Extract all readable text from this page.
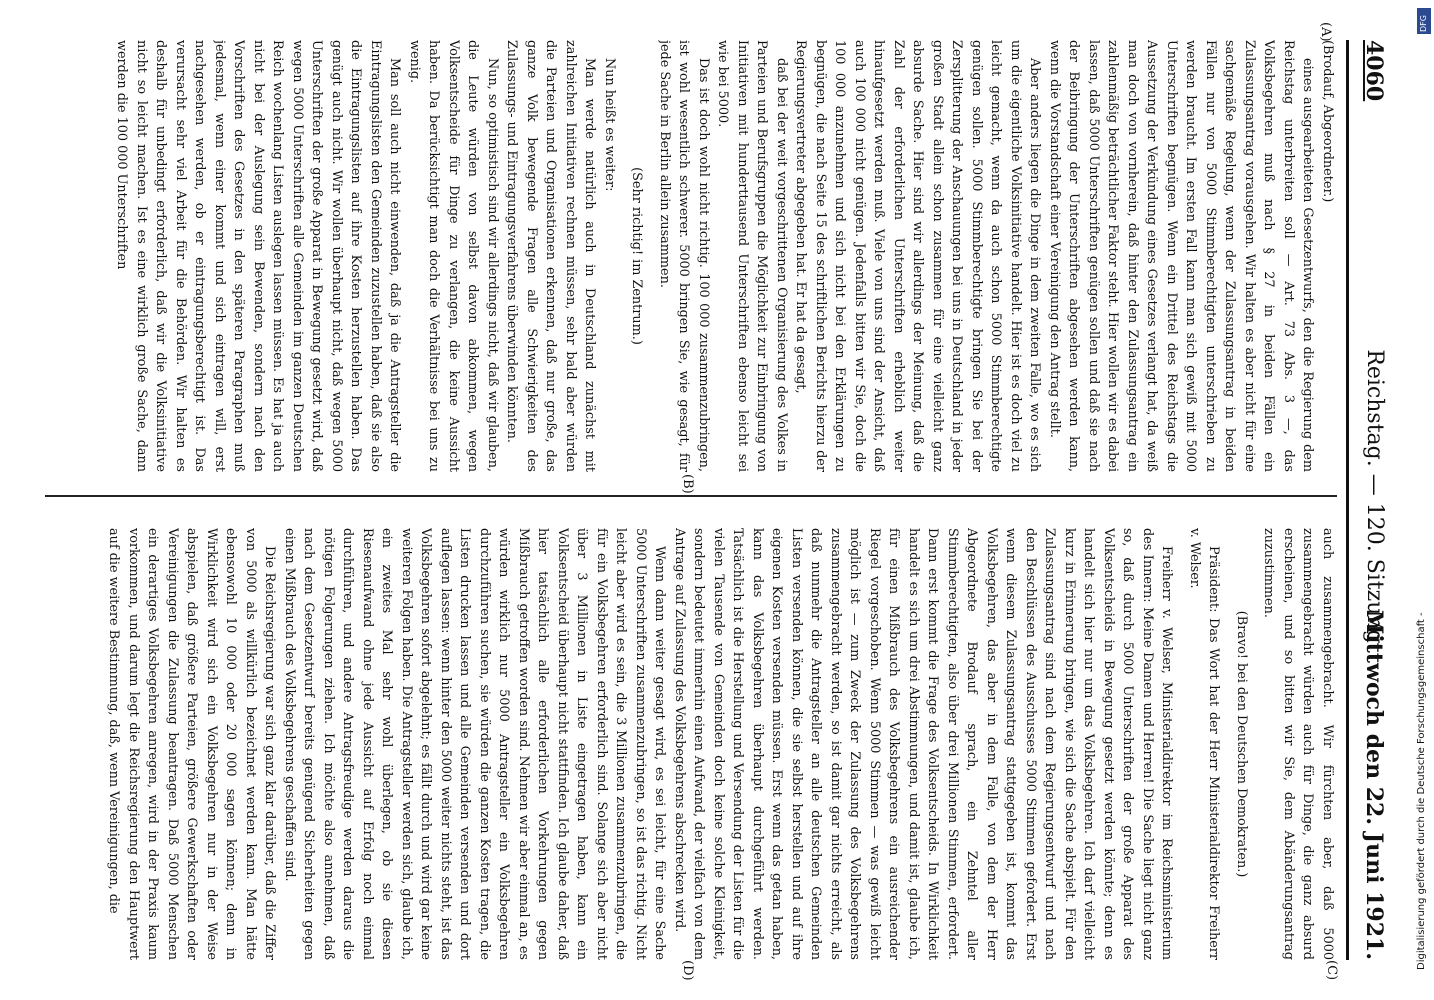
4060
Reichstag. — 120. Sitzung.
Mittwoch den 22. Juni 1921.
(A)
(B)
(C)
(D)

(Brodauf, Abgeordneter.)

eines ausgearbeiteten Gesetzentwurfs, den die Regierung dem Reichstag unterbreiten soll — Art. 73 Abs. 3 —, das Volksbegehren muß nach § 27 in beiden Fällen ein Zulassungsantrag vorausgehen. Wir halten es aber nicht für eine sachgemäße Regelung, wenn der Zulassungsantrag in beiden Fällen nur von 5000 Stimmberechtigten unterschrieben zu werden braucht. Im ersten Fall kann man sich gewiß mit 5000 Unterschriften begnügen. Wenn ein Drittel des Reichstags die Aussetzung der Verkündung eines Gesetzes verlangt hat, da weiß man doch von vornherein, daß hinter den Zulassungsantrag ein zahlenmäßig beträchtlicher Faktor steht. Hier wollen wir es dabei lassen, daß 5000 Unterschriften genügen sollen und daß sie nach der Beibringung der Unterschriften abgesehen werden kann, wenn die Vorstandschaft einer Vereinigung den Antrag stellt.

Aber anders liegen die Dinge in dem zweiten Falle, wo es sich um die eigentliche Volksinitiative handelt. Hier ist es doch viel zu leicht gemacht, wenn da auch schon 5000 Stimmberechtigte genügen sollen. 5000 Stimmberechtigte bringen Sie bei der Zersplitterung der Anschauungen bei uns in Deutschland in jeder großen Stadt allein schon zusammen für eine vielleicht ganz absurde Sache. Hier sind wir allerdings der Meinung, daß die Zahl der erforderlichen Unterschriften erheblich weiter hinaufgesetzt werden muß. Viele von uns sind der Ansicht, daß auch 100 000 nicht genügen. Jedenfalls bitten wir Sie, doch die 100 000 anzunehmen und sich nicht bei den Erklärungen zu begnügen, die nach Seite 15 des schriftlichen Berichts hierzu der Regierungsvertreter abgegeben hat. Er hat da gesagt,

daß bei der weit vorgeschrittenen Organisierung des Volkes in Parteien und Berufsgruppen die Möglichkeit zur Einbringung von Initiativen mit hunderttausend Unterschriften ebenso leicht sei wie bei 5000.

Das ist doch wohl nicht richtig. 100 000 zusammenzubringen, ist wohl wesentlich schwerer. 5000 bringen Sie, wie gesagt, für jede Sache in Berlin allein zusammen.

(Sehr richtig! im Zentrum.)

Nun heißt es weiter:

Man werde natürlich auch in Deutschland zunächst mit zahlreichen Initiativen rechnen müssen, sehr bald aber würden die Parteien und Organisationen erkennen, daß nur große, das ganze Volk bewegende Fragen alle Schwierigkeiten des Zulassungs- und Eintragungsverfahrens überwinden könnten.

Nun, so optimistisch sind wir allerdings nicht, daß wir glauben, die Leute würden von selbst davon abkommen, wegen Volksentscheide für Dinge zu verlangen, die keine Aussicht haben. Da berücksichtigt man doch die Verhältnisse bei uns zu wenig.

Man soll auch nicht einwenden, daß ja die Antragsteller die Eintragungslisten den Gemeinden zuzustellen haben, daß sie also die Eintragungslisten auf ihre Kosten herzustellen haben. Das genügt auch nicht. Wir wollen überhaupt nicht, daß wegen 5000 Unterschriften der große Apparat in Bewegung gesetzt wird, daß wegen 5000 Unterschriften alle Gemeinden im ganzen Deutschen Reich wochenlang Listen auslegen lassen müssen. Es hat ja auch nicht bei der Auslegung sein Bewenden, sondern nach den Vorschriften des Gesetzes in den späteren Paragraphen muß jedesmal, wenn einer kommt und sich eintragen will, erst nachgesehen werden, ob er eintragungsberechtigt ist. Das verursacht sehr viel Arbeit für die Behörden. Wir halten es deshalb für unbedingt erforderlich, daß wir die Volksinitiative nicht so leicht machen. Ist es eine wirklich große Sache, dann werden die 100 000 Unterschriften

auch zusammengebracht. Wir fürchten aber, daß 5000 zusammengebracht würden auch für Dinge, die ganz absurd erscheinen, und so bitten wir Sie, dem Abänderungsantrag zuzustimmen.

(Bravo! bei den Deutschen Demokraten.)

Präsident: Das Wort hat der Herr Ministerialdirektor Freiherr v. Welser.

Freiherr v. Welser, Ministerialdirektor im Reichsministerium des Innern: Meine Damen und Herren! Die Sache liegt nicht ganz so, daß durch 5000 Unterschriften der große Apparat des Volksentscheids in Bewegung gesetzt werden könnte; denn es handelt sich hier nur um das Volksbegehren. Ich darf vielleicht kurz in Erinnerung bringen, wie sich die Sache abspielt. Für den Zulassungsantrag sind nach dem Regierungsentwurf und nach den Beschlüssen des Ausschusses 5000 Stimmen gefordert. Erst wenn diesem Zulassungsantrag stattgegeben ist, kommt das Volksbegehren, das aber in dem Falle, von dem der Herr Abgeordnete Brodauf sprach, ein Zehntel aller Stimmberechtigten, also über drei Millionen Stimmen, erfordert. Dann erst kommt die Frage des Volksentscheids. In Wirklichkeit handelt es sich um drei Abstimmungen, und damit ist, glaube ich, für einen Mißbrauch des Volksbegehrens ein ausreichender Riegel vorgeschoben. Wenn 5000 Stimmen — was gewiß leicht möglich ist — zum Zweck der Zulassung des Volksbegehrens zusammengebracht werden, so ist damit gar nichts erreicht, als daß nunmehr die Antragsteller an alle deutschen Gemeinden Listen versenden können, die sie selbst herstellen und auf ihre eigenen Kosten versenden müssen. Erst wenn das getan haben, kann das Volksbegehren überhaupt durchgeführt werden. Tatsächlich ist die Herstellung und Versendung der Listen für die vielen Tausende von Gemeinden doch keine solche Kleinigkeit, sondern bedeutet immerhin einen Aufwand, der vielfach von dem Antrage auf Zulassung des Volksbegehrens abschrecken wird.

Wenn dann weiter gesagt wird, es sei leicht, für eine Sache 5000 Unterschriften zusammenzubringen, so ist das richtig. Nicht leicht aber wird es sein, die 3 Millionen zusammenzubringen, die für ein Volksbegehren erforderlich sind. Solange sich aber nicht über 3 Millionen in Liste eingetragen haben, kann ein Volksentscheid überhaupt nicht stattfinden. Ich glaube daher, daß hier tatsächlich alle erforderlichen Vorkehrungen gegen Mißbrauch getroffen worden sind. Nehmen wir aber einmal an, es würden wirklich nur 5000 Antragsteller ein Volksbegehren durchzuführen suchen, sie würden die ganzen Kosten tragen, die Listen drucken lassen und alle Gemeinden versenden und dort auflegen lassen: wenn hinter den 5000 weiter nichts steht, ist das Volksbegehren sofort abgelehnt; es fällt durch und wird gar keine weiteren Folgen haben. Die Antragsteller werden sich, glaube ich, ein zweites Mal sehr wohl überlegen, ob sie diesen Riesenaufwand ohne jede Aussicht auf Erfolg noch einmal durchführen, und andere Antragsfreudige werden daraus die nötigen Folgerungen ziehen. Ich möchte also annehmen, daß nach dem Gesetzentwurf bereits genügend Sicherheiten gegen einen Mißbrauch des Volksbegehrens geschaffen sind.

Die Reichsregierung war sich ganz klar darüber, daß die Ziffer von 5000 als willkürlich bezeichnet werden kann. Man hätte ebensowohl 10 000 oder 20 000 sagen können; denn in Wirklichkeit wird sich ein Volksbegehren nur in der Weise abspielen, daß größere Parteien, größere Gewerkschaften oder Vereinigungen die Zulassung beantragen. Daß 5000 Menschen ein derartiges Volksbegehren anregen, wird in der Praxis kaum vorkommen, und darum legt die Reichsregierung den Hauptwert auf die weitere Bestimmung, daß, wenn Vereinigungen, die	Digitalisierung gefördert durch die Deutsche Forschungsgemeinschaft -
DFG
